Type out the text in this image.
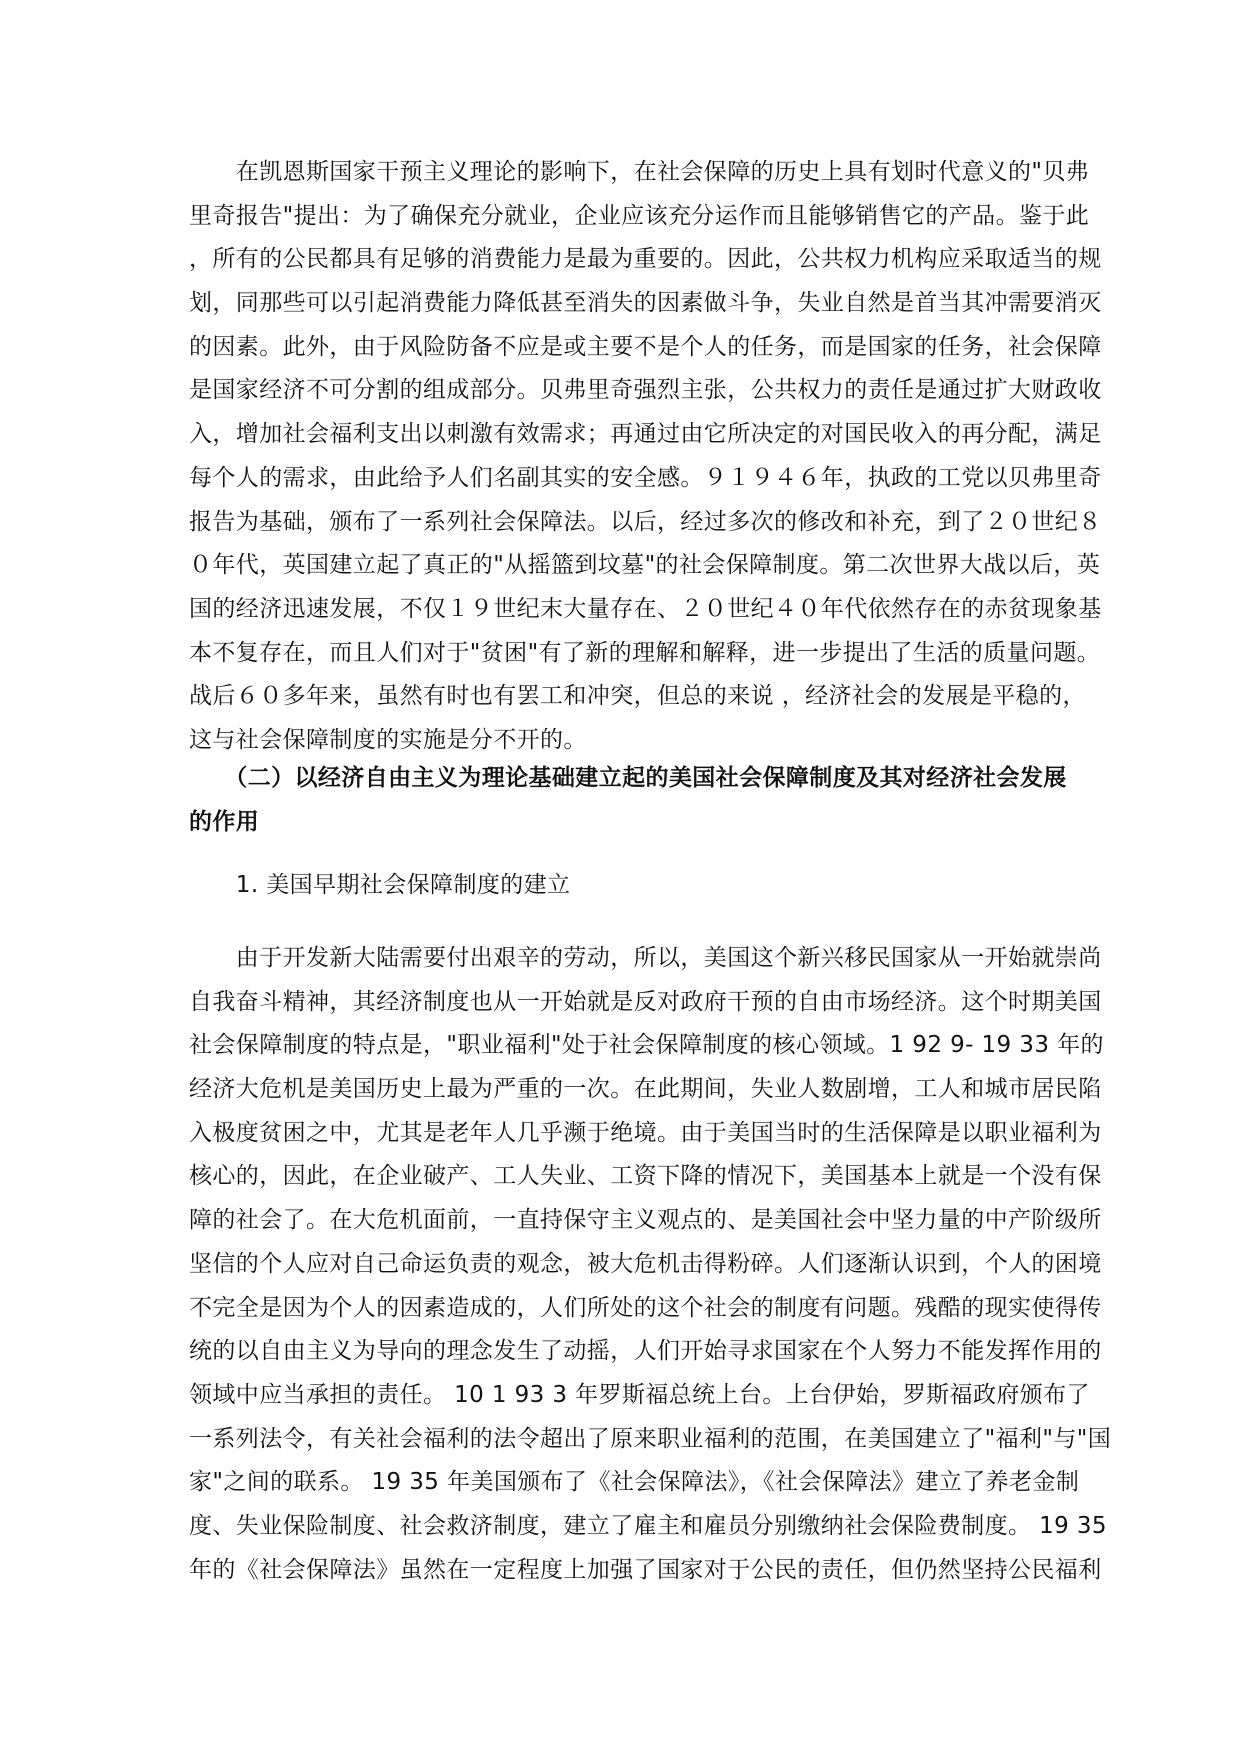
　　在凯恩斯国家干预主义理论的影响下，在社会保障的历史上具有划时代意义的"贝弗
里奇报告"提出：为了确保充分就业，企业应该充分运作而且能够销售它的产品。鉴于此
，所有的公民都具有足够的消费能力是最为重要的。因此，公共权力机构应采取适当的规
划，同那些可以引起消费能力降低甚至消失的因素做斗争，失业自然是首当其冲需要消灭
的因素。此外，由于风险防备不应是或主要不是个人的任务，而是国家的任务，社会保障
是国家经济不可分割的组成部分。贝弗里奇强烈主张，公共权力的责任是通过扩大财政收
入，增加社会福利支出以刺激有效需求；再通过由它所决定的对国民收入的再分配，满足
每个人的需求，由此给予人们名副其实的安全感。９１９４６年，执政的工党以贝弗里奇
报告为基础，颁布了一系列社会保障法。以后，经过多次的修改和补充，到了２０世纪８
０年代，英国建立起了真正的"从摇篮到坟墓"的社会保障制度。第二次世界大战以后，英
国的经济迅速发展，不仅１９世纪末大量存在、２０世纪４０年代依然存在的赤贫现象基
本不复存在，而且人们对于"贫困"有了新的理解和解释，进一步提出了生活的质量问题。
战后６０多年来，虽然有时也有罢工和冲突，但总的来说 ，经济社会的发展是平稳的，
这与社会保障制度的实施是分不开的。
　　（二）以经济自由主义为理论基础建立起的美国社会保障制度及其对经济社会发展
的作用
　　1. 美国早期社会保障制度的建立
　　由于开发新大陆需要付出艰辛的劳动，所以，美国这个新兴移民国家从一开始就崇尚
自我奋斗精神，其经济制度也从一开始就是反对政府干预的自由市场经济。这个时期美国
社会保障制度的特点是，"职业福利"处于社会保障制度的核心领域。1 92 9- 19 33 年的
经济大危机是美国历史上最为严重的一次。在此期间，失业人数剧增，工人和城市居民陷
入极度贫困之中，尤其是老年人几乎濒于绝境。由于美国当时的生活保障是以职业福利为
核心的，因此，在企业破产、工人失业、工资下降的情况下，美国基本上就是一个没有保
障的社会了。在大危机面前，一直持保守主义观点的、是美国社会中坚力量的中产阶级所
坚信的个人应对自己命运负责的观念，被大危机击得粉碎。人们逐渐认识到，个人的困境
不完全是因为个人的因素造成的，人们所处的这个社会的制度有问题。残酷的现实使得传
统的以自由主义为导向的理念发生了动摇，人们开始寻求国家在个人努力不能发挥作用的
领域中应当承担的责任。 10 1 93 3 年罗斯福总统上台。上台伊始，罗斯福政府颁布了
一系列法令，有关社会福利的法令超出了原来职业福利的范围，在美国建立了"福利"与"国
家"之间的联系。 19 35 年美国颁布了《社会保障法》，《社会保障法》建立了养老金制
度、失业保险制度、社会救济制度，建立了雇主和雇员分别缴纳社会保险费制度。 19 35
年的《社会保障法》虽然在一定程度上加强了国家对于公民的责任，但仍然坚持公民福利
